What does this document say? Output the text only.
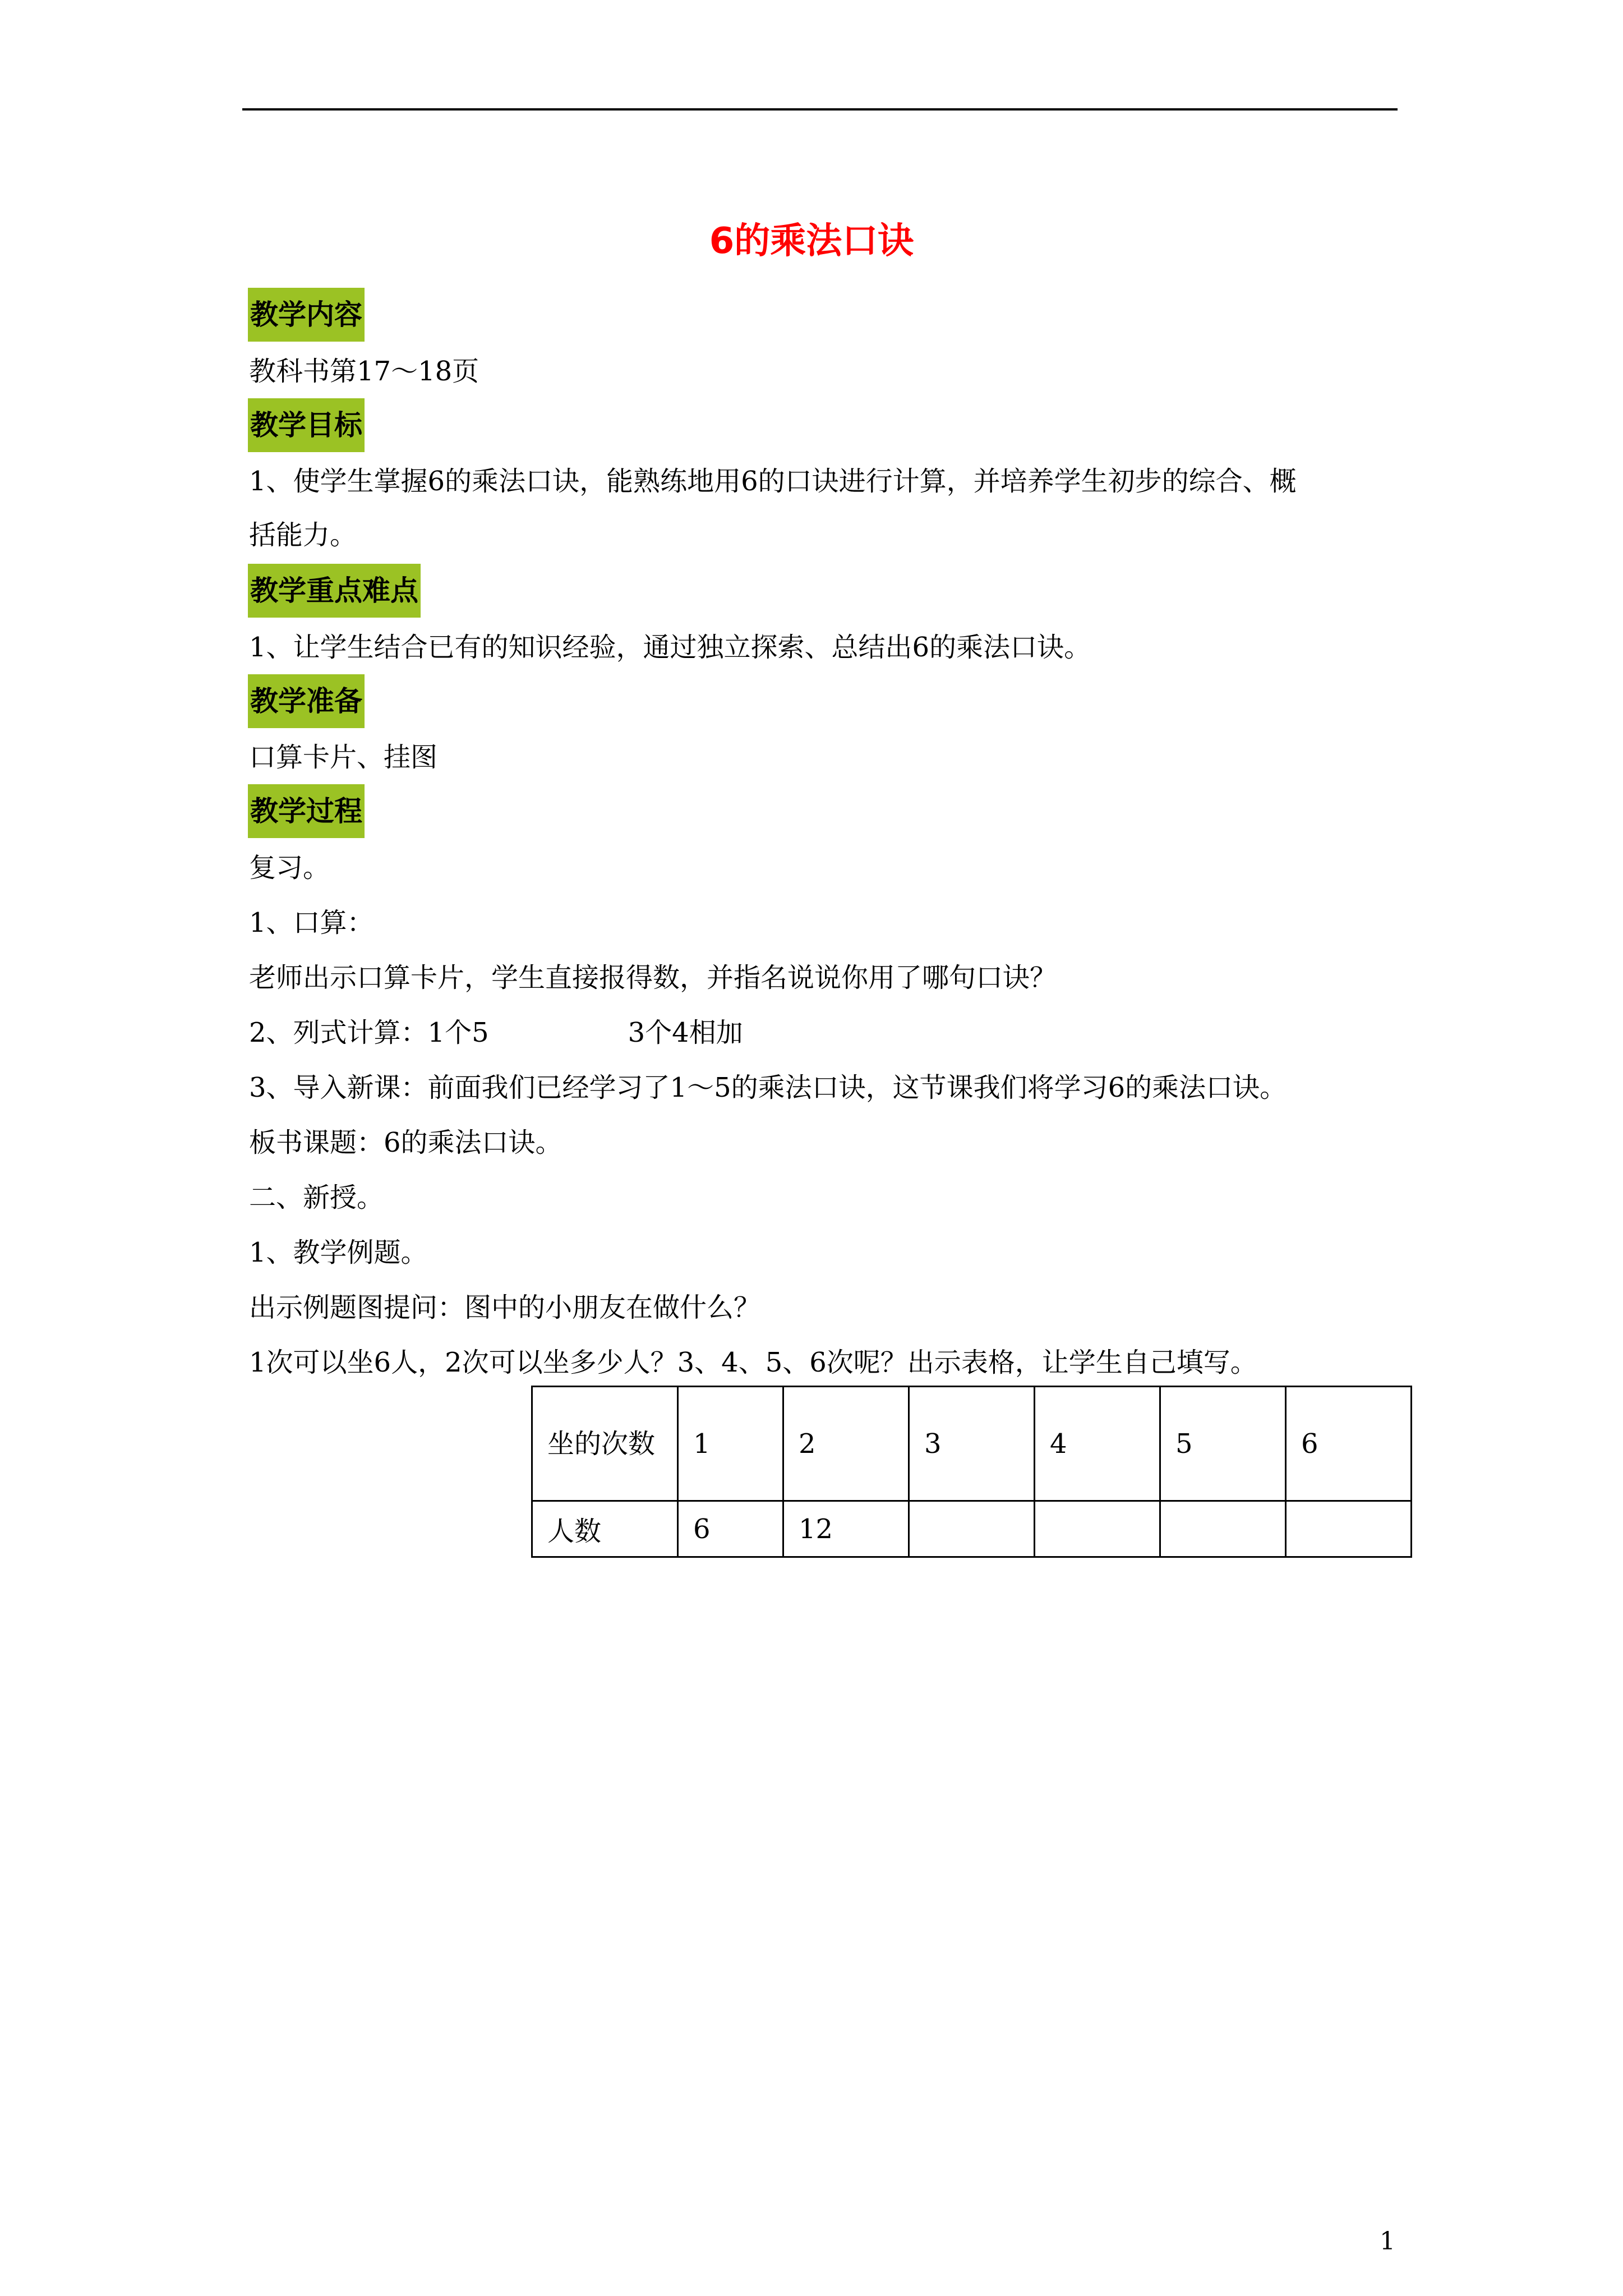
6的乘法口诀
教学内容
教科书第17～18页
教学目标
1、使学生掌握6的乘法口诀，能熟练地用6的口诀进行计算，并培养学生初步的综合、概
括能力。
教学重点难点
1、让学生结合已有的知识经验，通过独立探索、总结出6的乘法口诀。
教学准备
口算卡片、挂图
教学过程
复习。
1、口算：
老师出示口算卡片，学生直接报得数，并指名说说你用了哪句口诀？
2、列式计算：1个5	3个4相加
3、导入新课：前面我们已经学习了1～5的乘法口诀，这节课我们将学习6的乘法口诀。
板书课题：6的乘法口诀。
二、新授。
1、教学例题。
出示例题图提问：图中的小朋友在做什么？
1次可以坐6人，2次可以坐多少人？3、4、5、6次呢？出示表格，让学生自己填写。
坐的次数	1	2	3	4	5	6
人数	6	12				
1
